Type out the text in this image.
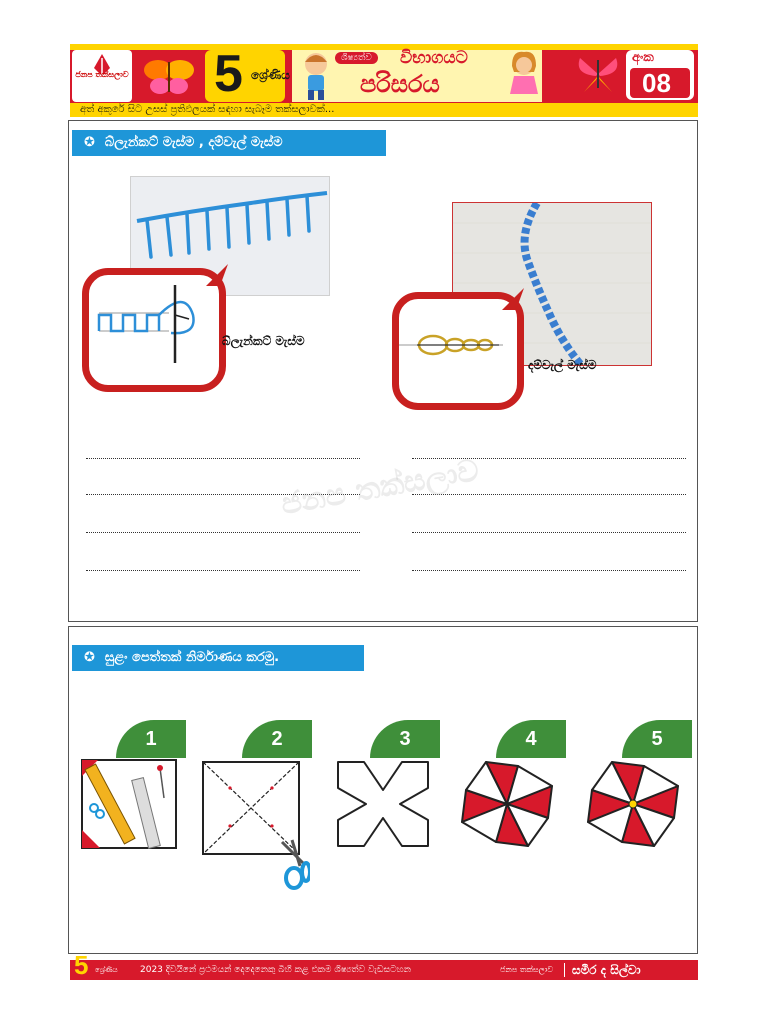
ජනප තක්සලාව 5 ශ්‍රේණිය
ශිෂ්‍යත්ව	විභාගයට
පරිසරය
අංක
08
අත් අකුරේ සිට උසස් ප්‍රතිඵලයක් සඳහා සැබෑම තක්සලාවක්...
✪ බ්ලැන්කට් මැස්ම , දම්වැල් මැස්ම
බ්ලැන්කට් මැස්ම
දම්වැල් මැස්ම
ජනප තක්සලාව
✪ සුළං පෙත්තක් නිර්මාණය කරමු.
1	2	3	4	5
5 ශ්‍රේණිය 2023 දිවයිනේ ප්‍රථමයන් දෙදෙනෙකු බිහි කළ එකම ශිෂ්‍යත්ව වැඩසටහන	ජනප තක්සලාව සමීර ද සිල්වා
